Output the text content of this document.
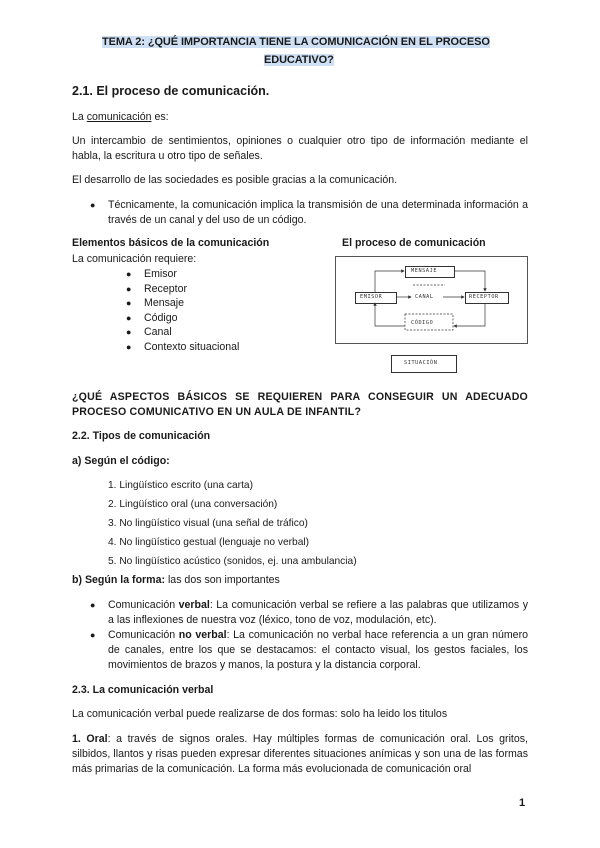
TEMA 2: ¿QUÉ IMPORTANCIA TIENE LA COMUNICACIÓN EN EL PROCESO
EDUCATIVO?
2.1. El proceso de comunicación.
La comunicación es:
Un intercambio de sentimientos, opiniones o cualquier otro tipo de información mediante el habla, la escritura u otro tipo de señales.
El desarrollo de las sociedades es posible gracias a la comunicación.
● Técnicamente, la comunicación implica la transmisión de una determinada información a través de un canal y del uso de un código.
Elementos básicos de la comunicación	El proceso de comunicación
La comunicación requiere:
● Emisor
● Receptor
● Mensaje
● Código
● Canal
● Contexto situacional
MENSAJE
EMISOR	CANAL	RECEPTOR
CÓDIGO
SITUACIÓN
¿QUÉ ASPECTOS BÁSICOS SE REQUIEREN PARA CONSEGUIR UN ADECUADO PROCESO COMUNICATIVO EN UN AULA DE INFANTIL?
2.2. Tipos de comunicación
a) Según el código:
1. Lingüístico escrito (una carta)
2. Lingüístico oral (una conversación)
3. No lingüístico visual (una señal de tráfico)
4. No lingüístico gestual (lenguaje no verbal)
5. No lingüístico acústico (sonidos, ej. una ambulancia)
b) Según la forma: las dos son importantes
● Comunicación verbal: La comunicación verbal se refiere a las palabras que utilizamos y a las inflexiones de nuestra voz (léxico, tono de voz, modulación, etc).
● Comunicación no verbal: La comunicación no verbal hace referencia a un gran número de canales, entre los que se destacamos: el contacto visual, los gestos faciales, los movimientos de brazos y manos, la postura y la distancia corporal.
2.3. La comunicación verbal
La comunicación verbal puede realizarse de dos formas: solo ha leido los titulos
1. Oral: a través de signos orales. Hay múltiples formas de comunicación oral. Los gritos, silbidos, llantos y risas pueden expresar diferentes situaciones anímicas y son una de las formas más primarias de la comunicación. La forma más evolucionada de comunicación oral
1
